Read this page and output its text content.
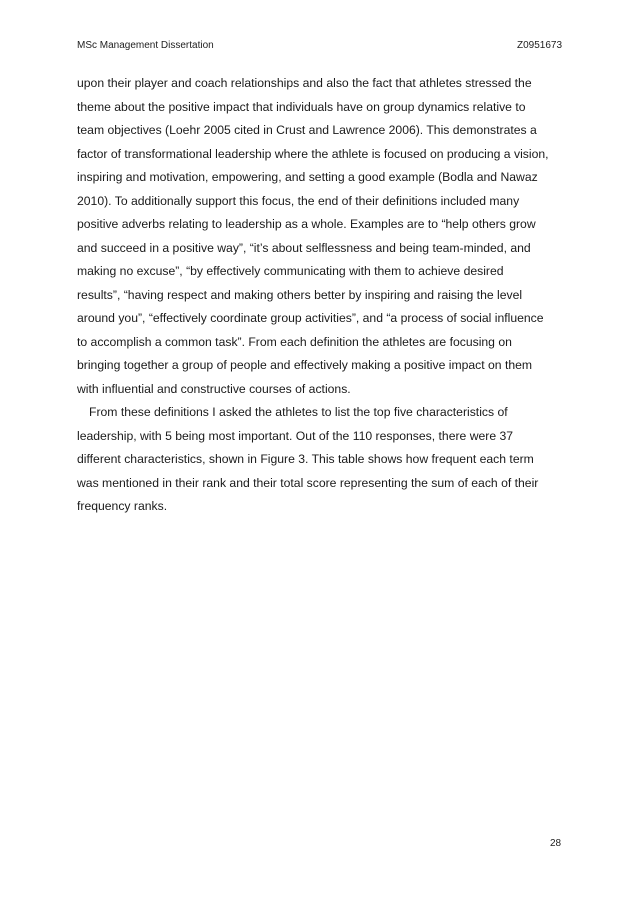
MSc Management Dissertation	Z0951673
upon their player and coach relationships and also the fact that athletes stressed the
theme about the positive impact that individuals have on group dynamics relative to
team objectives (Loehr 2005 cited in Crust and Lawrence 2006). This demonstrates a
factor of transformational leadership where the athlete is focused on producing a vision,
inspiring and motivation, empowering, and setting a good example (Bodla and Nawaz
2010). To additionally support this focus, the end of their definitions included many
positive adverbs relating to leadership as a whole. Examples are to “help others grow
and succeed in a positive way”, “it’s about selflessness and being team-minded, and
making no excuse”, “by effectively communicating with them to achieve desired
results”, “having respect and making others better by inspiring and raising the level
around you”, “effectively coordinate group activities”, and “a process of social influence
to accomplish a common task”. From each definition the athletes are focusing on
bringing together a group of people and effectively making a positive impact on them
with influential and constructive courses of actions.
From these definitions I asked the athletes to list the top five characteristics of
leadership, with 5 being most important. Out of the 110 responses, there were 37
different characteristics, shown in Figure 3. This table shows how frequent each term
was mentioned in their rank and their total score representing the sum of each of their
frequency ranks.
28
